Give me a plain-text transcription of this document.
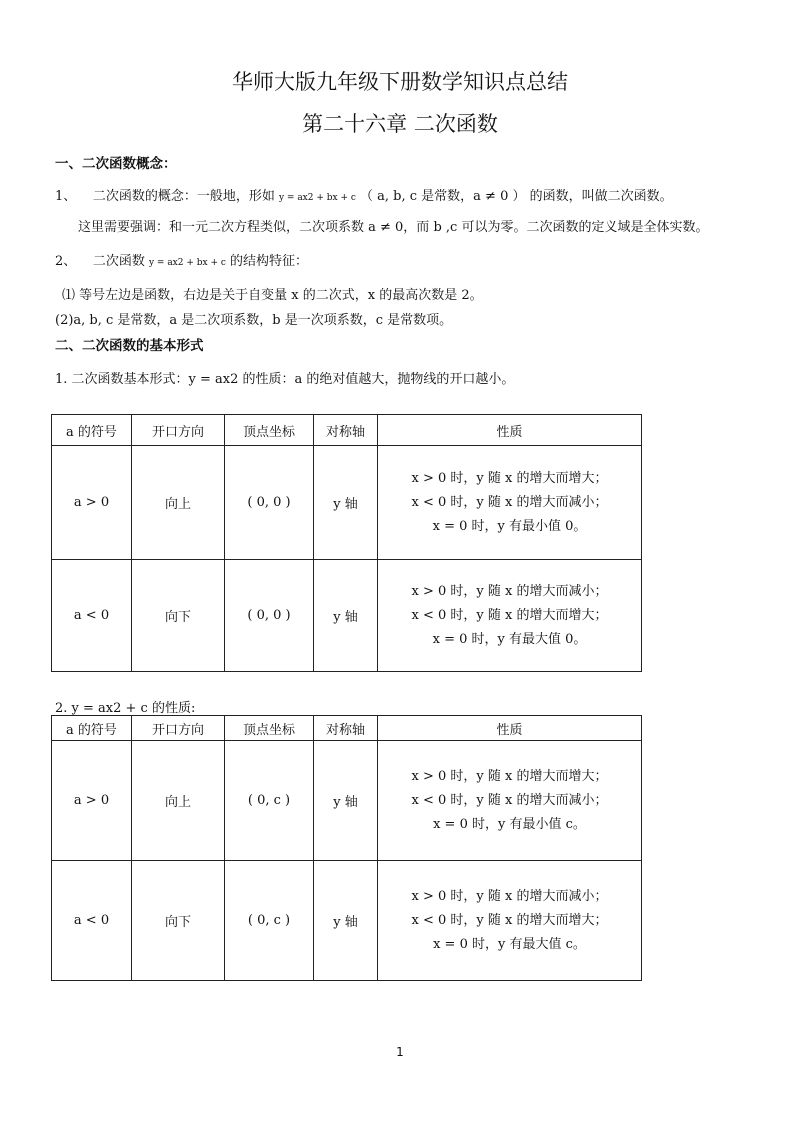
华师大版九年级下册数学知识点总结
第二十六章 二次函数
一、二次函数概念：
1、 二次函数的概念：一般地，形如 y = ax2 + bx + c （ a, b, c 是常数，a ≠ 0 ） 的函数，叫做二次函数。
这里需要强调：和一元二次方程类似，二次项系数 a ≠ 0，而 b ,c 可以为零。二次函数的定义域是全体实数。
2、 二次函数 y = ax2 + bx + c 的结构特征：
⑴ 等号左边是函数，右边是关于自变量 x 的二次式，x 的最高次数是 2。
(2)a, b, c 是常数，a 是二次项系数，b 是一次项系数，c 是常数项。
二、二次函数的基本形式
1. 二次函数基本形式：y = ax2 的性质：a 的绝对值越大，抛物线的开口越小。
a 的符号	开口方向	顶点坐标	对称轴	性质
a > 0	向上	( 0, 0 )	y 轴	x > 0 时，y 随 x 的增大而增大；
x < 0 时，y 随 x 的增大而减小；
x = 0 时，y 有最小值 0。

a < 0	向下	( 0, 0 )	y 轴	x > 0 时，y 随 x 的增大而减小；
x < 0 时，y 随 x 的增大而增大；
x = 0 时，y 有最大值 0。
2. y = ax2 + c 的性质:
a 的符号	开口方向	顶点坐标	对称轴	性质
a > 0	向上	( 0, c )	y 轴	x > 0 时，y 随 x 的增大而增大；
x < 0 时，y 随 x 的增大而减小；
x = 0 时，y 有最小值 c。

a < 0	向下	( 0, c )	y 轴	x > 0 时，y 随 x 的增大而减小；
x < 0 时，y 随 x 的增大而增大；
x = 0 时，y 有最大值 c。
1
